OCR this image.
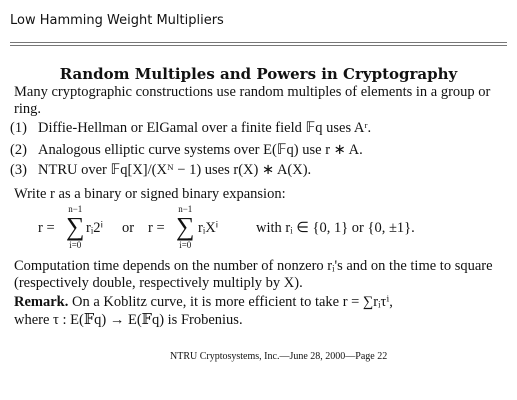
Low Hamming Weight Multipliers
Random Multiples and Powers in Cryptography
Many cryptographic constructions use random multiples of elements in a group or ring.
(1) Diffie-Hellman or ElGamal over a finite field 𝔽q uses Aʳ.
(2) Analogous elliptic curve systems over E(𝔽q) use r ∗ A.
(3) NTRU over 𝔽q[X]/(Xᴺ − 1) uses r(X) ∗ A(X).
Write r as a binary or signed binary expansion:
r =
n−1
∑
i=0
rᵢ2ⁱ or r =
n−1
∑
i=0
rᵢXⁱ	with rᵢ ∈ {0, 1} or {0, ±1}.
Computation time depends on the number of nonzero rᵢ's and on the time to square (respectively double, respectively multiply by X).
Remark. On a Koblitz curve, it is more efficient to take r = ∑rᵢτⁱ,
where τ : E(𝔽q) → E(𝔽q) is Frobenius.
NTRU Cryptosystems, Inc.—June 28, 2000—Page 22
